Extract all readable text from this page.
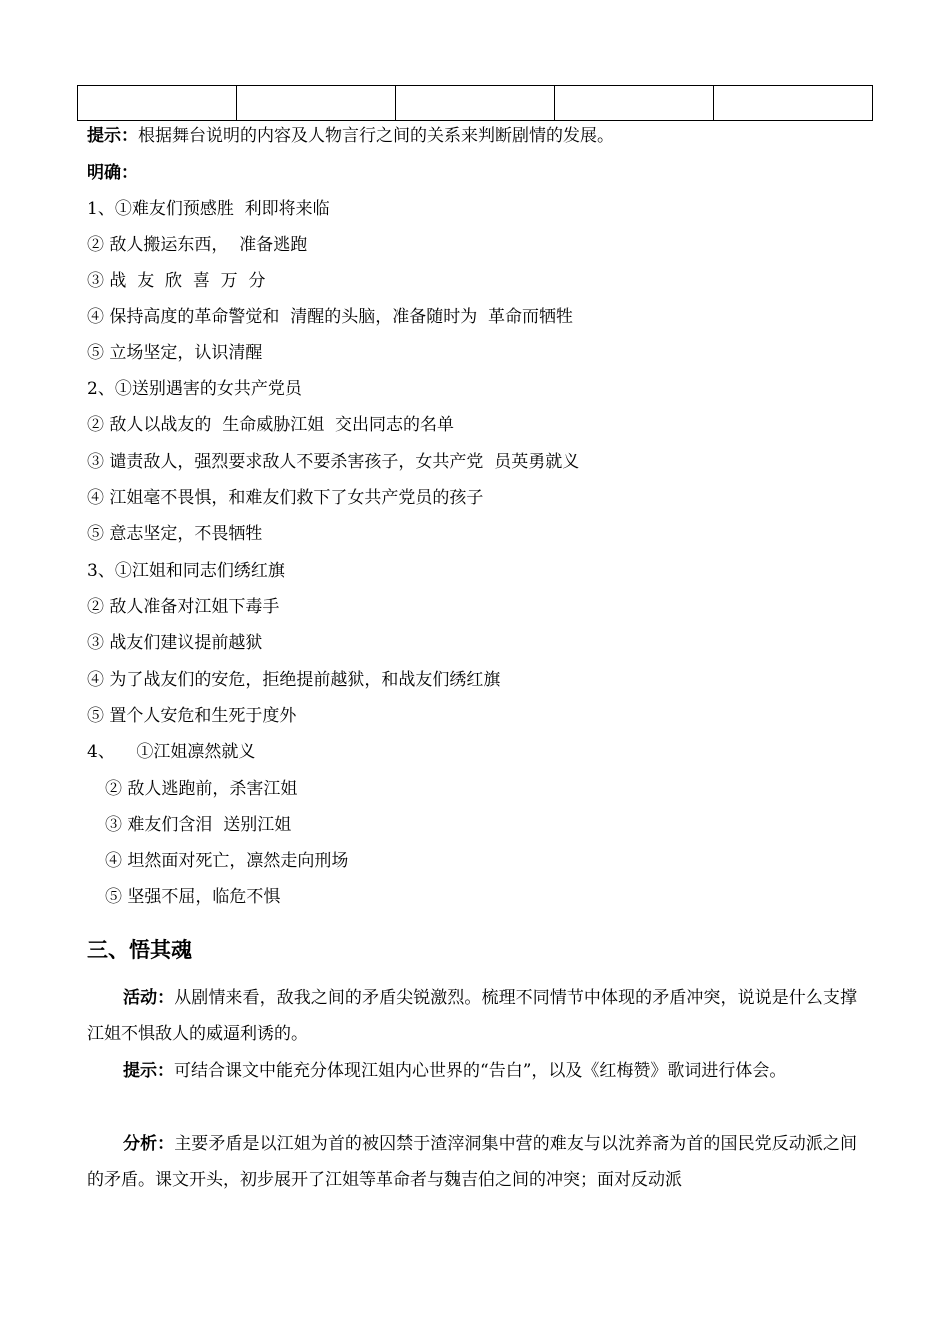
提示：根据舞台说明的内容及人物言行之间的关系来判断剧情的发展。
明确：
1、①难友们预感胜  利即将来临
② 敌人搬运东西，  准备逃跑
③ 战  友  欣  喜  万  分
④ 保持高度的革命警觉和  清醒的头脑，准备随时为  革命而牺牲
⑤ 立场坚定，认识清醒
2、①送别遇害的女共产党员
② 敌人以战友的  生命威胁江姐  交出同志的名单
③ 谴责敌人，强烈要求敌人不要杀害孩子，女共产党  员英勇就义
④ 江姐毫不畏惧，和难友们救下了女共产党员的孩子
⑤ 意志坚定，不畏牺牲
3、①江姐和同志们绣红旗
② 敌人准备对江姐下毒手
③ 战友们建议提前越狱
④ 为了战友们的安危，拒绝提前越狱，和战友们绣红旗
⑤ 置个人安危和生死于度外
4、    ①江姐凛然就义
② 敌人逃跑前，杀害江姐
③ 难友们含泪  送别江姐
④ 坦然面对死亡，凛然走向刑场
⑤ 坚强不屈，临危不惧
三、悟其魂
活动：从剧情来看，敌我之间的矛盾尖锐激烈。梳理不同情节中体现的矛盾冲突，说说是什么支撑江姐不惧敌人的威逼利诱的。
提示：可结合课文中能充分体现江姐内心世界的“告白”，以及《红梅赞》歌词进行体会。
分析：主要矛盾是以江姐为首的被囚禁于渣滓洞集中营的难友与以沈养斋为首的国民党反动派之间的矛盾。课文开头，初步展开了江姐等革命者与魏吉伯之间的冲突；面对反动派
